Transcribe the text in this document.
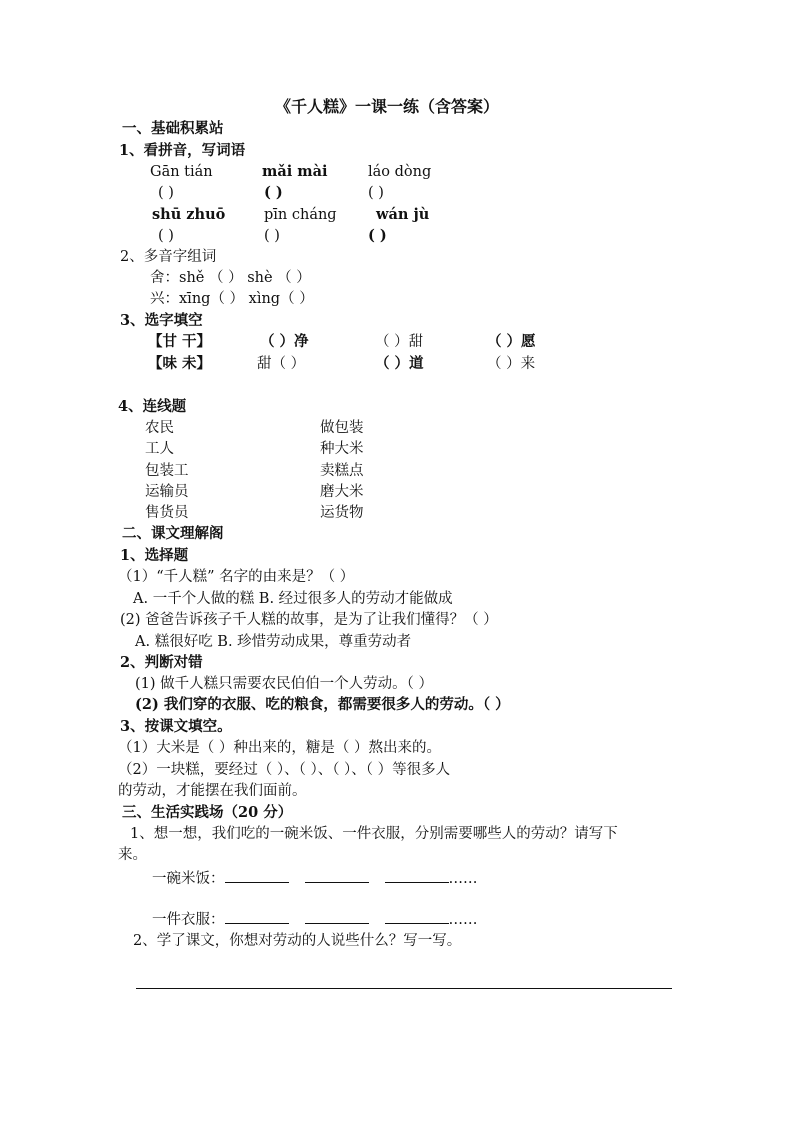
《千人糕》一课一练（含答案）
一、基础积累站
1、看拼音，写词语
Gān tián	mǎi mài	láo dòng
( )	( )	( )
shū zhuō	pīn chánɡ	wán jù
( )	( )	( )
2、多音字组词
舍：shě （ ） shè （ ）
兴：xīng（ ） xìng（ ）
3、选字填空
【甘 干】	（ ）净	（ ）甜	（ ）愿
【味 未】	甜（ ）	（ ）道	（ ）来
4、连线题
农民
工人
包装工
运输员
售货员
做包装
种大米
卖糕点
磨大米
运货物
二、课文理解阁
1、选择题
（1）“千人糕” 名字的由来是？（ ）
A. 一千个人做的糕 B. 经过很多人的劳动才能做成
(2) 爸爸告诉孩子千人糕的故事，是为了让我们懂得？（ ）
A. 糕很好吃 B. 珍惜劳动成果，尊重劳动者
2、判断对错
(1) 做千人糕只需要农民伯伯一个人劳动。（ ）
(2) 我们穿的衣服、吃的粮食，都需要很多人的劳动。（ ）
3、按课文填空。
（1）大米是（ ）种出来的，糖是（ ）熬出来的。
（2）一块糕，要经过（ ）、（ ）、（ ）、（ ）等很多人
的劳动，才能摆在我们面前。
三、生活实践场（20 分）
1、想一想，我们吃的一碗米饭、一件衣服，分别需要哪些人的劳动？请写下
来。
一碗米饭：	……
一件衣服：	……
2、学了课文，你想对劳动的人说些什么？写一写。
